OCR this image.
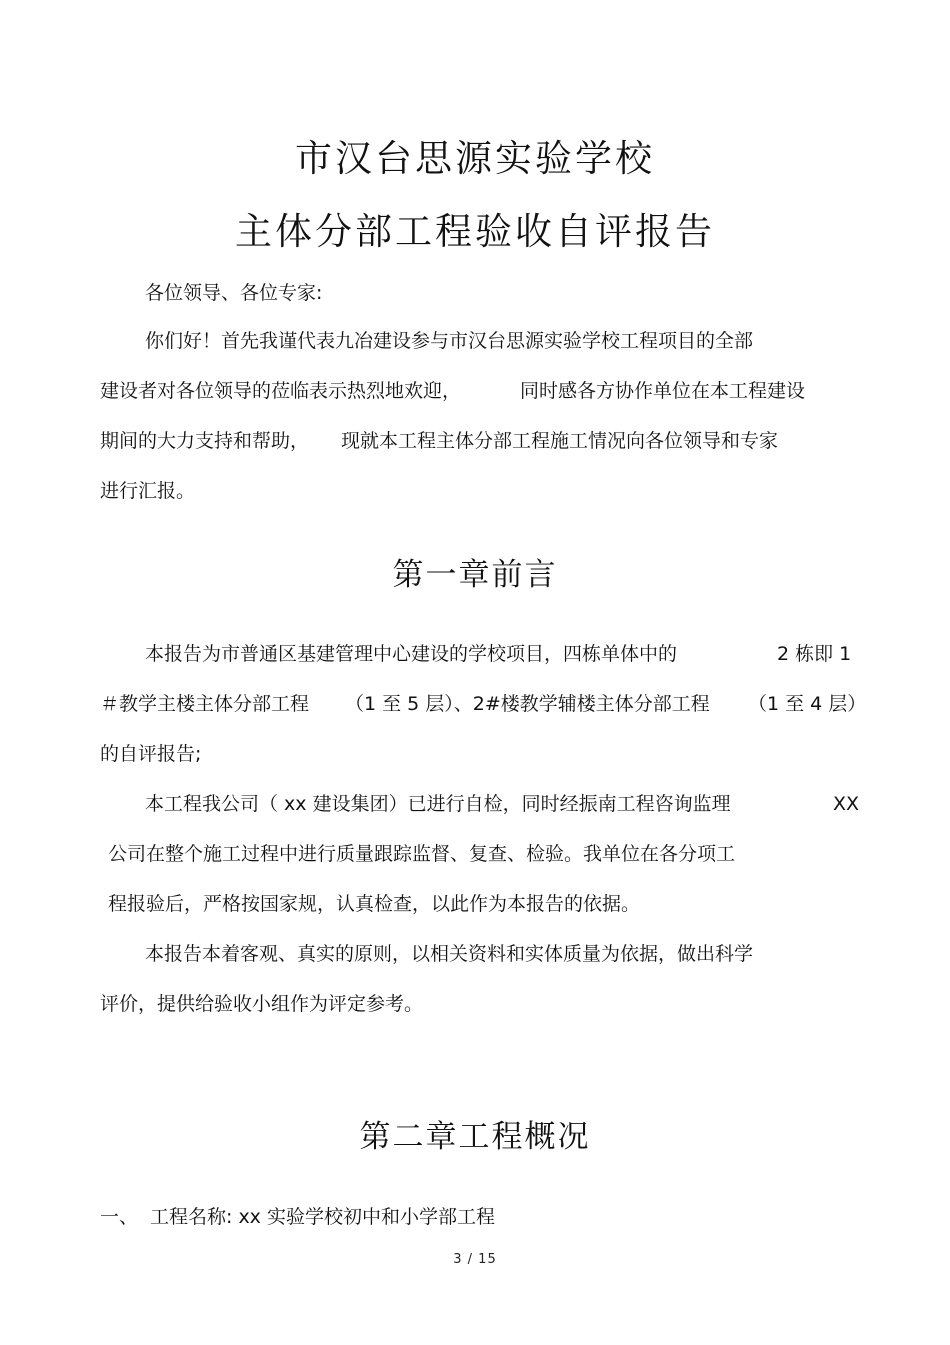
市汉台思源实验学校
主体分部工程验收自评报告
各位领导、各位专家:
你们好！首先我谨代表九冶建设参与市汉台思源实验学校工程项目的全部
建设者对各位领导的莅临表示热烈地欢迎，	同时感各方协作单位在本工程建设
期间的大力支持和帮助， 现就本工程主体分部工程施工情况向各位领导和专家
进行汇报。
第一章前言
本报告为市普通区基建管理中心建设的学校项目，四栋单体中的	2 栋即 1
＃教学主楼主体分部工程 （1 至 5 层）、2#楼教学辅楼主体分部工程 （1 至 4 层）
的自评报告;
本工程我公司（ xx 建设集团）已进行自检，同时经振南工程咨询监理	XX
公司在整个施工过程中进行质量跟踪监督、复查、检验。我单位在各分项工
程报验后，严格按国家规，认真检查，以此作为本报告的依据。
本报告本着客观、真实的原则，以相关资料和实体质量为依据，做出科学
评价，提供给验收小组作为评定参考。
第二章工程概况
一、 工程名称: xx 实验学校初中和小学部工程
3 / 15
